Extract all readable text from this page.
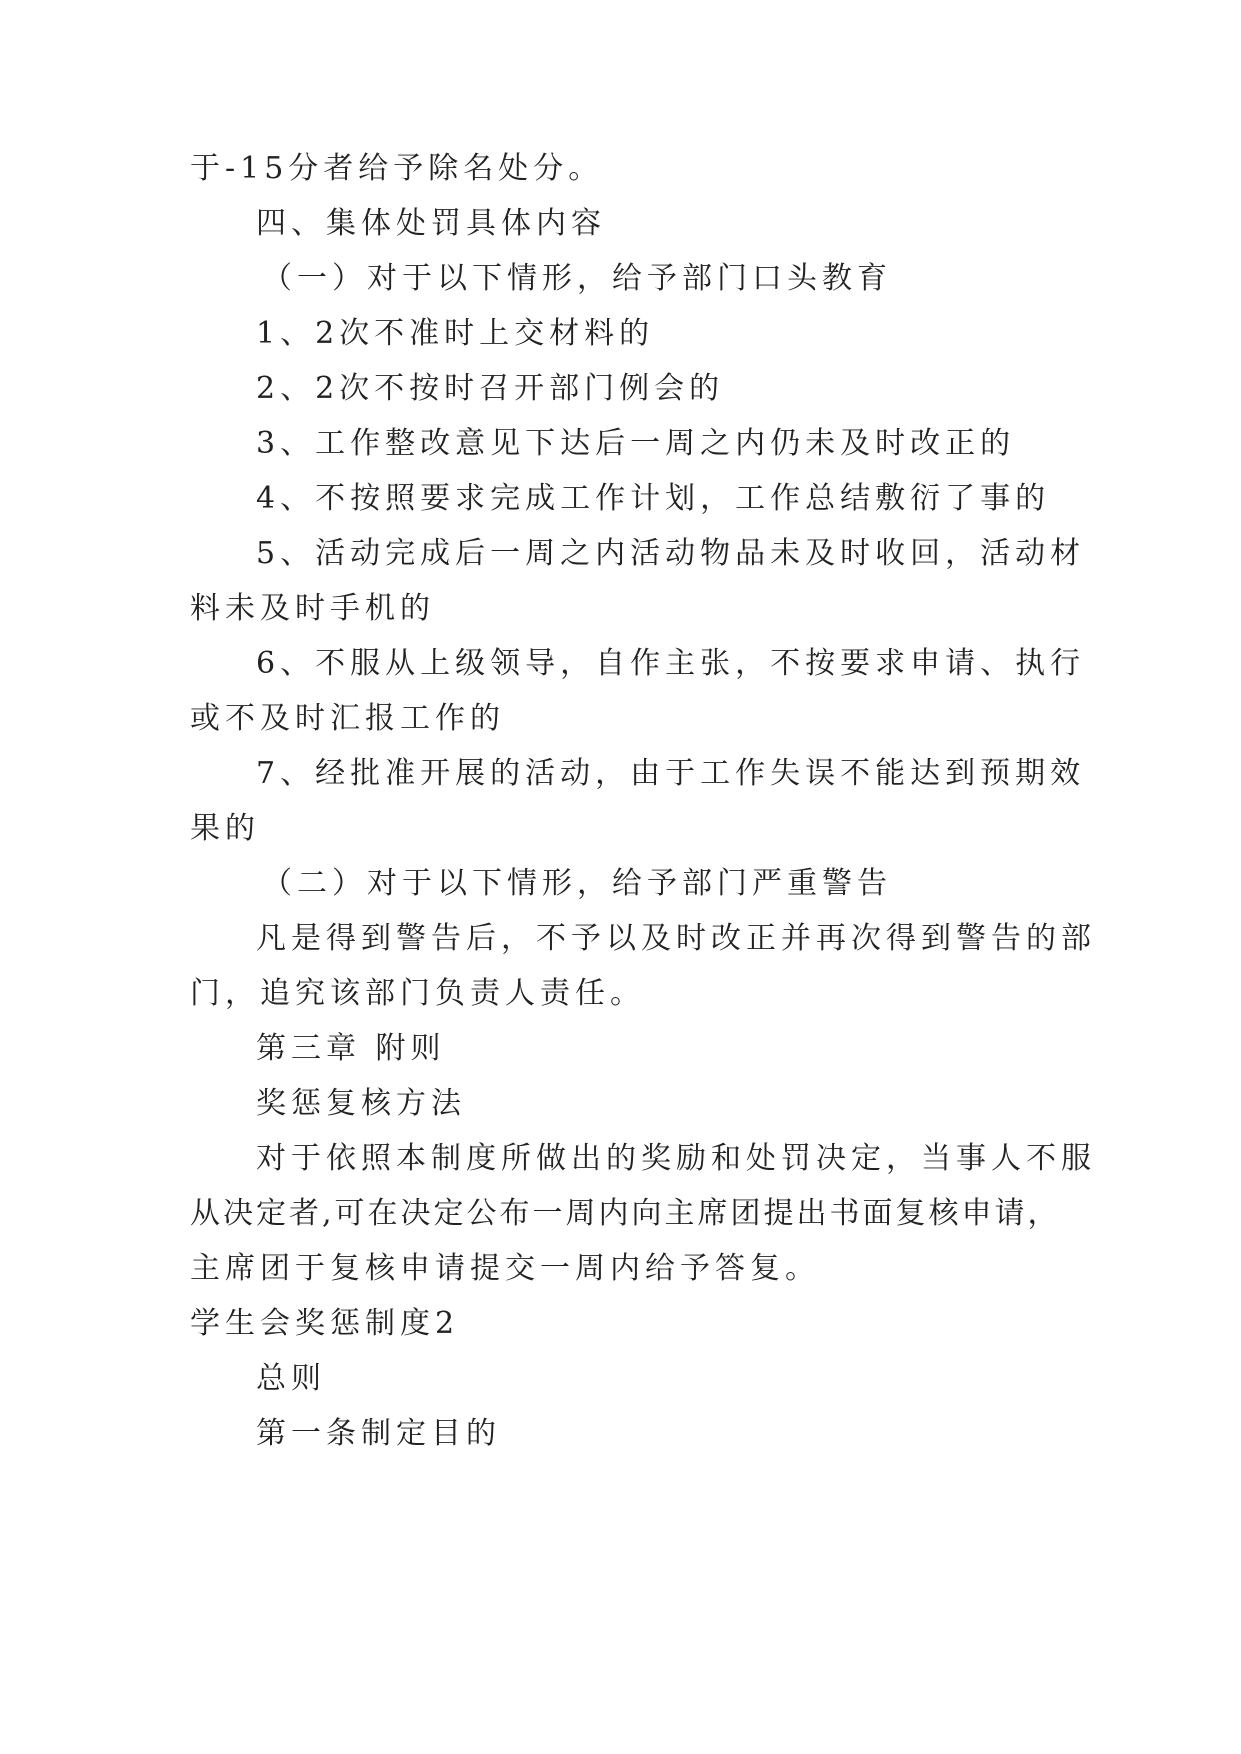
于-15分者给予除名处分。
四、集体处罚具体内容
（一）对于以下情形，给予部门口头教育
1、2次不准时上交材料的
2、2次不按时召开部门例会的
3、工作整改意见下达后一周之内仍未及时改正的
4、不按照要求完成工作计划，工作总结敷衍了事的
5、活动完成后一周之内活动物品未及时收回，活动材
料未及时手机的
6、不服从上级领导，自作主张，不按要求申请、执行
或不及时汇报工作的
7、经批准开展的活动，由于工作失误不能达到预期效
果的
（二）对于以下情形，给予部门严重警告
凡是得到警告后，不予以及时改正并再次得到警告的部
门，追究该部门负责人责任。
第三章 附则
奖惩复核方法
对于依照本制度所做出的奖励和处罚决定，当事人不服
从决定者,可在决定公布一周内向主席团提出书面复核申请，
主席团于复核申请提交一周内给予答复。
学生会奖惩制度2
总则
第一条制定目的
